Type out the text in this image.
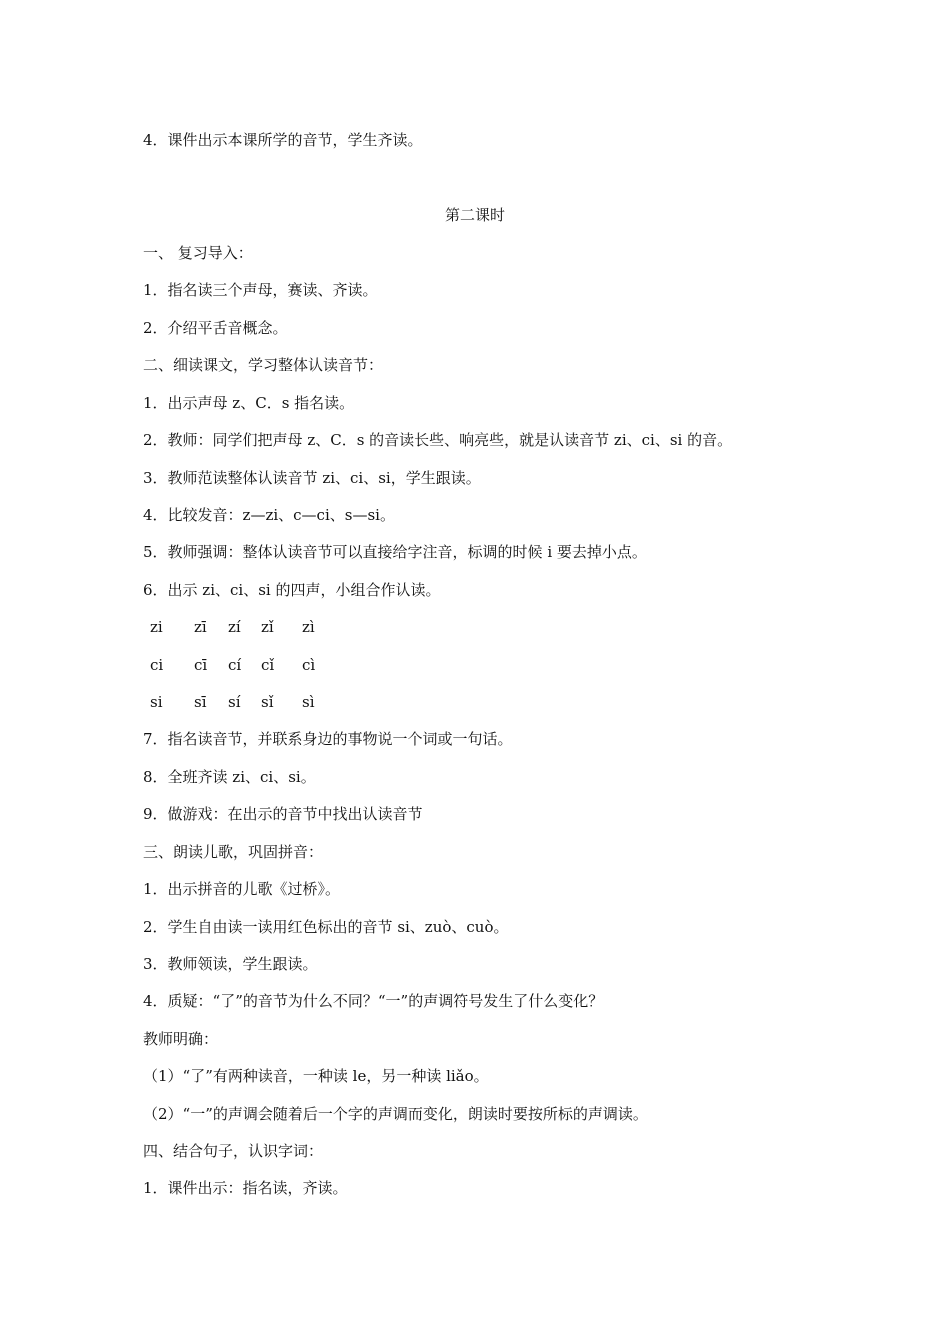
4．课件出示本课所学的音节，学生齐读。
第二课时
一、 复习导入：
1．指名读三个声母，赛读、齐读。
2．介绍平舌音概念。
二、细读课文，学习整体认读音节：
1．出示声母 z、C．s 指名读。
2．教师：同学们把声母 z、C．s 的音读长些、响亮些，就是认读音节 zi、ci、si 的音。
3．教师范读整体认读音节 zi、ci、si，学生跟读。
4．比较发音：z—zi、c—ci、s—si。
5．教师强调：整体认读音节可以直接给字注音，标调的时候 i 要去掉小点。
6．出示 zi、ci、si 的四声，小组合作认读。
zi zī zí zǐ zì
ci cī cí cǐ cì
si sī sí sǐ sì
7．指名读音节，并联系身边的事物说一个词或一句话。
8．全班齐读 zi、ci、si。
9．做游戏：在出示的音节中找出认读音节
三、朗读儿歌，巩固拼音：
1．出示拼音的儿歌《过桥》。
2．学生自由读一读用红色标出的音节 si、zuò、cuò。
3．教师领读，学生跟读。
4．质疑：“了”的音节为什么不同？“一”的声调符号发生了什么变化？
教师明确：
（1）“了”有两种读音，一种读 le，另一种读 liǎo。
（2）“一”的声调会随着后一个字的声调而变化，朗读时要按所标的声调读。
四、结合句子，认识字词：
1．课件出示：指名读，齐读。
